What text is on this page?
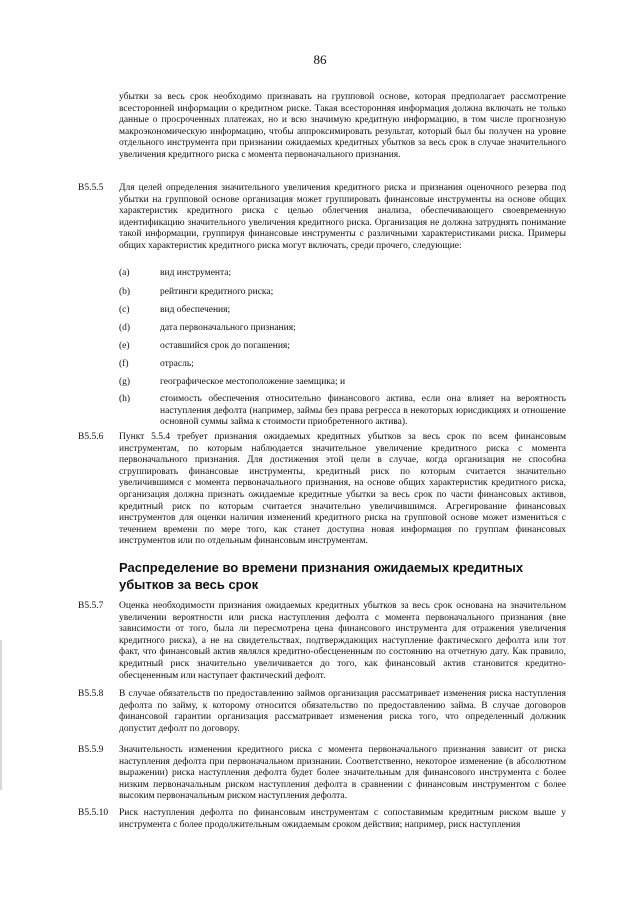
86
убытки за весь срок необходимо признавать на групповой основе, которая предполагает рассмотрение всесторонней информации о кредитном риске. Такая всесторонняя информация должна включать не только данные о просроченных платежах, но и всю значимую кредитную информацию, в том числе прогнозную макроэкономическую информацию, чтобы аппроксимировать результат, который был бы получен на уровне отдельного инструмента при признании ожидаемых кредитных убытков за весь срок в случае значительного увеличения кредитного риска с момента первоначального признания.
B5.5.5 Для целей определения значительного увеличения кредитного риска и признания оценочного резерва под убытки на групповой основе организация может группировать финансовые инструменты на основе общих характеристик кредитного риска с целью облегчения анализа, обеспечивающего своевременную идентификацию значительного увеличения кредитного риска. Организация не должна затруднять понимание такой информации, группируя финансовые инструменты с различными характеристиками риска. Примеры общих характеристик кредитного риска могут включать, среди прочего, следующие:
(a)	вид инструмента;
(b)	рейтинги кредитного риска;
(c)	вид обеспечения;
(d)	дата первоначального признания;
(e)	оставшийся срок до погашения;
(f)	отрасль;
(g)	географическое местоположение заемщика; и
(h)	стоимость обеспечения относительно финансового актива, если она влияет на вероятность наступления дефолта (например, займы без права регресса в некоторых юрисдикциях и отношение основной суммы займа к стоимости приобретенного актива).
B5.5.6 Пункт 5.5.4 требует признания ожидаемых кредитных убытков за весь срок по всем финансовым инструментам, по которым наблюдается значительное увеличение кредитного риска с момента первоначального признания. Для достижения этой цели в случае, когда организация не способна сгруппировать финансовые инструменты, кредитный риск по которым считается значительно увеличившимся с момента первоначального признания, на основе общих характеристик кредитного риска, организация должна признать ожидаемые кредитные убытки за весь срок по части финансовых активов, кредитный риск по которым считается значительно увеличившимся. Агрегирование финансовых инструментов для оценки наличия изменений кредитного риска на групповой основе может измениться с течением времени по мере того, как станет доступна новая информация по группам финансовых инструментов или по отдельным финансовым инструментам.
Распределение во времени признания ожидаемых кредитных убытков за весь срок
B5.5.7 Оценка необходимости признания ожидаемых кредитных убытков за весь срок основана на значительном увеличении вероятности или риска наступления дефолта с момента первоначального признания (вне зависимости от того, была ли пересмотрена цена финансового инструмента для отражения увеличения кредитного риска), а не на свидетельствах, подтверждающих наступление фактического дефолта или тот факт, что финансовый актив являлся кредитно-обесцененным по состоянию на отчетную дату. Как правило, кредитный риск значительно увеличивается до того, как финансовый актив становится кредитно-обесцененным или наступает фактический дефолт.
B5.5.8 В случае обязательств по предоставлению займов организация рассматривает изменения риска наступления дефолта по займу, к которому относится обязательство по предоставлению займа. В случае договоров финансовой гарантии организация рассматривает изменения риска того, что определенный должник допустит дефолт по договору.
B5.5.9 Значительность изменения кредитного риска с момента первоначального признания зависит от риска наступления дефолта при первоначальном признании. Соответственно, некоторое изменение (в абсолютном выражении) риска наступления дефолта будет более значительным для финансового инструмента с более низким первоначальным риском наступления дефолта в сравнении с финансовым инструментом с более высоким первоначальным риском наступления дефолта.
B5.5.10 Риск наступления дефолта по финансовым инструментам с сопоставимым кредитным риском выше у инструмента с более продолжительным ожидаемым сроком действия; например, риск наступления
